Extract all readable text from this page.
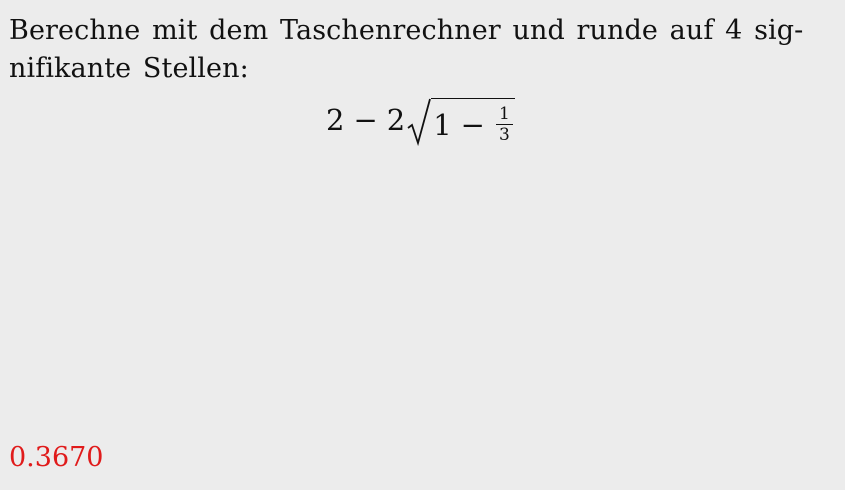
Berechne mit dem Taschenrechner und runde auf 4 sig-
nifikante Stellen:
2 − 2 $1 - \frac{1}{3}$
0.3670
